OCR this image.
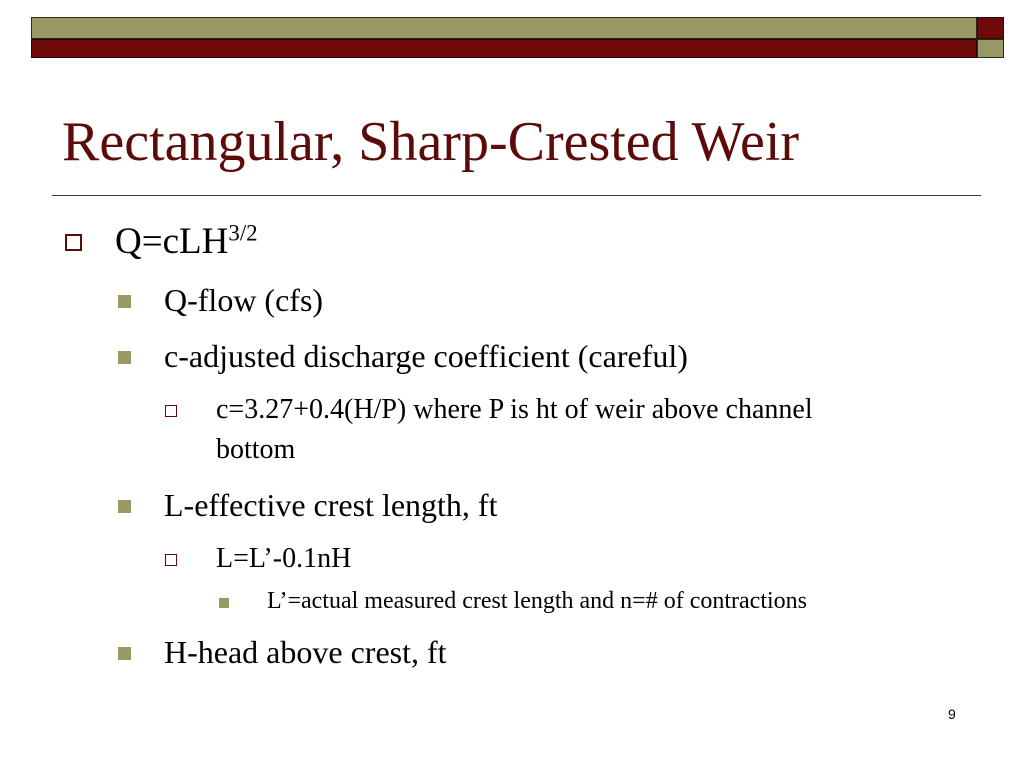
Rectangular, Sharp-Crested Weir

Q=cLH$^{3/2}$

Q-flow (cfs)

c-adjusted discharge coefficient (careful)

c=3.27+0.4(H/P) where P is ht of weir above channel

bottom

L-effective crest length, ft

L=L’-0.1nH

L’=actual measured crest length and n=# of contractions

H-head above crest, ft

9
